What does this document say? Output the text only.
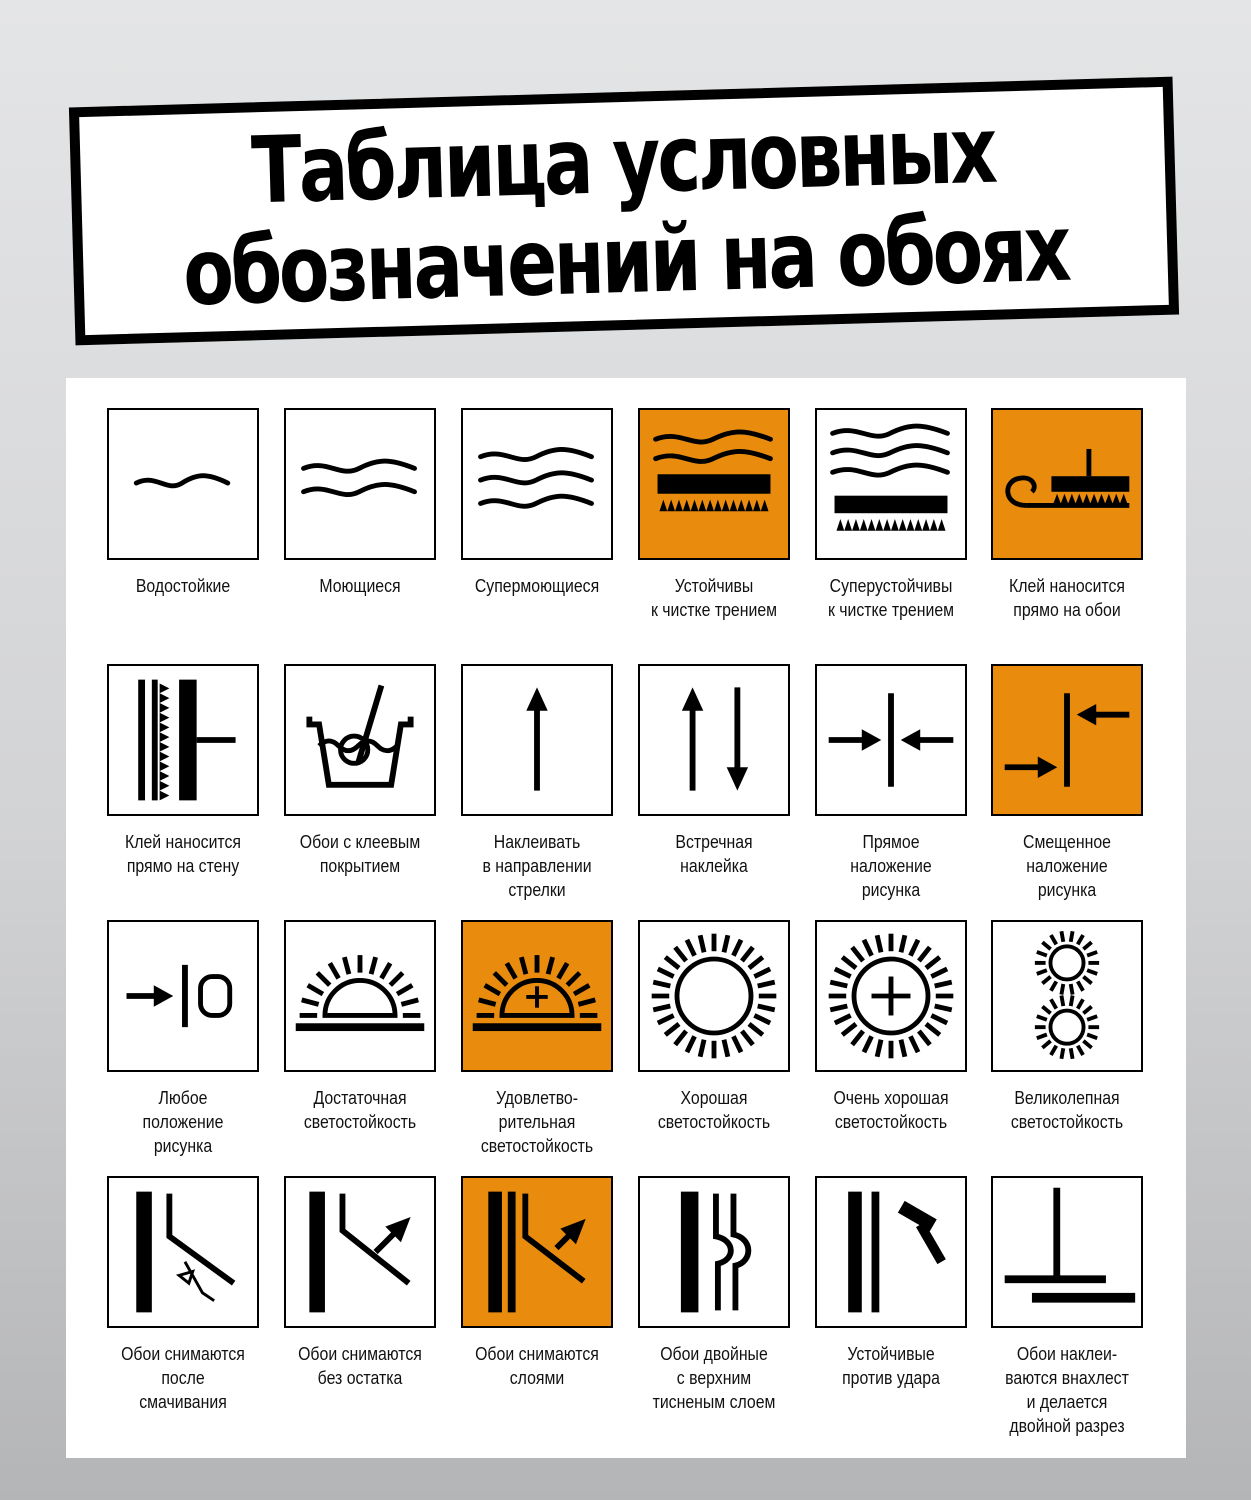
Таблица условных
обозначений на обоях
Водостойкие	Моющиеся	Супермоющиеся	Устойчивы
к чистке трением
Суперустойчивы
к чистке трением
Клей наносится
прямо на обои
Клей наносится
прямо на стену
Обои с клеевым
покрытием
Наклеивать
в направлении
стрелки
Встречная
наклейка
Прямое
наложение
рисунка
Смещенное
наложение
рисунка
Любое
положение
рисунка
Достаточная
светостойкость
Удовлетво-
рительная
светостойкость
Хорошая
светостойкость
Очень хорошая
светостойкость
Великолепная
светостойкость
Обои снимаются
после
смачивания
Обои снимаются
без остатка
Обои снимаются
слоями
Обои двойные
с верхним
тисненым слоем
Устойчивые
против удара
Обои наклеи-
ваются внахлест
и делается
двойной разрез
